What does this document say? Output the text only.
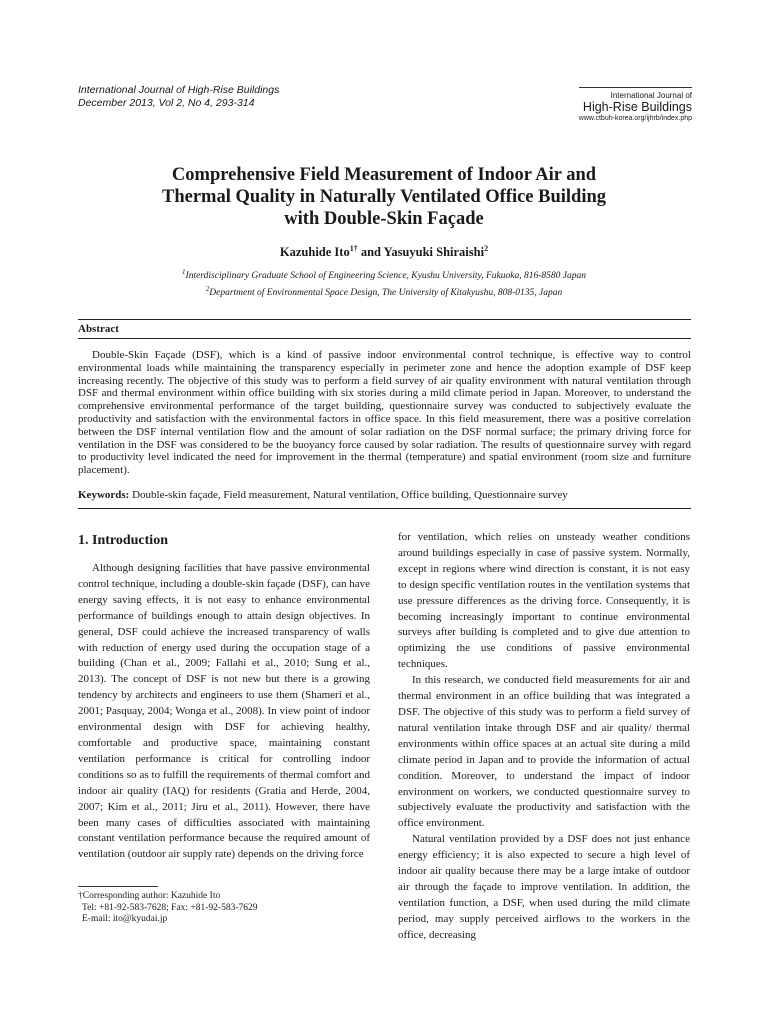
International Journal of High-Rise Buildings
December 2013, Vol 2, No 4, 293-314
International Journal of
High-Rise Buildings
www.ctbuh-korea.org/ijhrb/index.php
Comprehensive Field Measurement of Indoor Air and
Thermal Quality in Naturally Ventilated Office Building
with Double-Skin Façade
Kazuhide Ito$^{1\dagger}$ and Yasuyuki Shiraishi$^2$
$^1$Interdisciplinary Graduate School of Engineering Science, Kyushu University, Fukuoka, 816-8580 Japan
$^2$Department of Environmental Space Design, The University of Kitakyushu, 808-0135, Japan
Abstract
Double-Skin Façade (DSF), which is a kind of passive indoor environmental control technique, is effective way to control environmental loads while maintaining the transparency especially in perimeter zone and hence the adoption example of DSF keep increasing recently. The objective of this study was to perform a field survey of air quality environment with natural ventilation through DSF and thermal environment within office building with six stories during a mild climate period in Japan. Moreover, to understand the comprehensive environmental performance of the target building, questionnaire survey was conducted to subjectively evaluate the productivity and satisfaction with the environmental factors in office space. In this field measurement, there was a positive correlation between the DSF internal ventilation flow and the amount of solar radiation on the DSF normal surface; the primary driving force for ventilation in the DSF was considered to be the buoyancy force caused by solar radiation. The results of questionnaire survey with regard to productivity level indicated the need for improvement in the thermal (temperature) and spatial environment (room size and furniture placement).
Keywords: Double-skin façade, Field measurement, Natural ventilation, Office building, Questionnaire survey
1. Introduction

Although designing facilities that have passive environmental control technique, including a double-skin façade (DSF), can have energy saving effects, it is not easy to enhance environmental performance of buildings enough to attain design objectives. In general, DSF could achieve the increased transparency of walls with reduction of energy used during the occupation stage of a building (Chan et al., 2009; Fallahi et al., 2010; Sung et al., 2013). The concept of DSF is not new but there is a growing tendency by architects and engineers to use them (Shameri et al., 2001; Pasquay, 2004; Wonga et al., 2008). In view point of indoor environmental design with DSF for achieving healthy, comfortable and productive space, maintaining constant ventilation performance is critical for controlling indoor conditions so as to fulfill the requirements of thermal comfort and indoor air quality (IAQ) for residents (Gratia and Herde, 2004, 2007; Kim et al., 2011; Jiru et al., 2011). However, there have been many cases of difficulties associated with maintaining constant ventilation performance because the required amount of ventilation (outdoor air supply rate) depends on the driving force

for ventilation, which relies on unsteady weather conditions around buildings especially in case of passive system. Normally, except in regions where wind direction is constant, it is not easy to design specific ventilation routes in the ventilation systems that use pressure differences as the driving force. Consequently, it is becoming increasingly important to continue environmental surveys after building is completed and to give due attention to optimizing the use conditions of passive environmental techniques.

In this research, we conducted field measurements for air and thermal environment in an office building that was integrated a DSF. The objective of this study was to perform a field survey of natural ventilation intake through DSF and air quality/ thermal environments within office spaces at an actual site during a mild climate period in Japan and to provide the information of actual condition. Moreover, to understand the impact of indoor environment on workers, we conducted questionnaire survey to subjectively evaluate the productivity and satisfaction with the office environment.

Natural ventilation provided by a DSF does not just enhance energy efficiency; it is also expected to secure a high level of indoor air quality because there may be a large intake of outdoor air through the façade to improve ventilation. In addition, the ventilation function, a DSF, when used during the mild climate period, may supply perceived airflows to the workers in the office, decreasing

†Corresponding author: Kazuhide Ito
Tel: +81-92-583-7628; Fax: +81-92-583-7629
E-mail: ito@kyudai.jp
